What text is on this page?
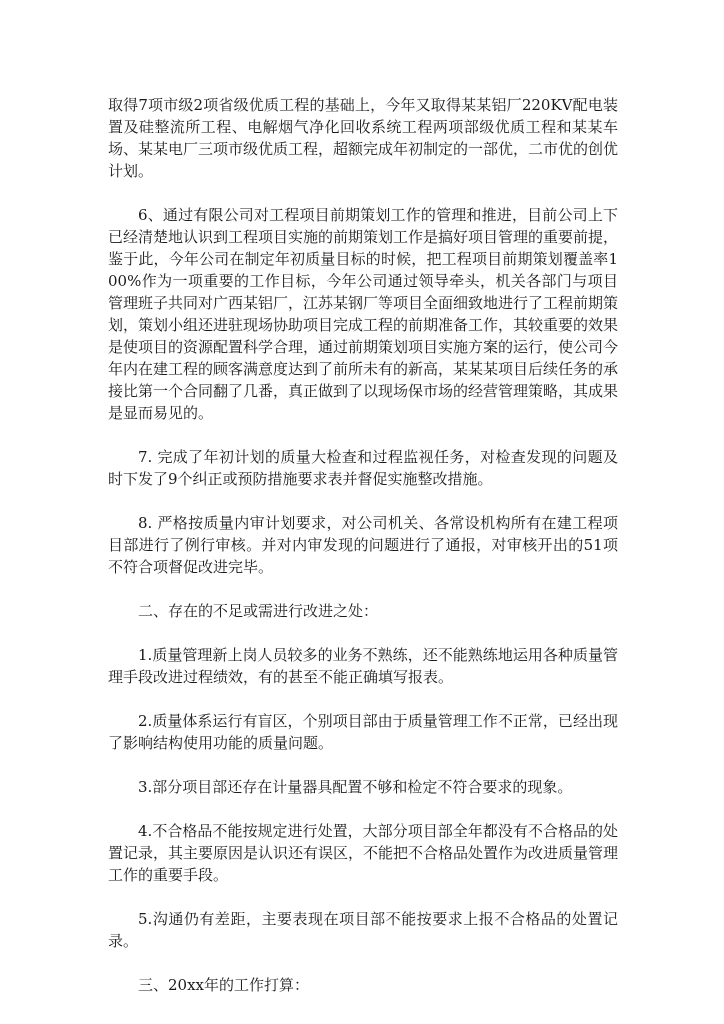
取得7项市级2项省级优质工程的基础上，今年又取得某某铝厂220KV配电装置及硅整流所工程、电解烟气净化回收系统工程两项部级优质工程和某某车场、某某电厂三项市级优质工程，超额完成年初制定的一部优，二市优的创优计划。

6、通过有限公司对工程项目前期策划工作的管理和推进，目前公司上下已经清楚地认识到工程项目实施的前期策划工作是搞好项目管理的重要前提，鉴于此，今年公司在制定年初质量目标的时候，把工程项目前期策划覆盖率100%作为一项重要的工作目标，今年公司通过领导牵头，机关各部门与项目管理班子共同对广西某铝厂，江苏某钢厂等项目全面细致地进行了工程前期策划，策划小组还进驻现场协助项目完成工程的前期准备工作，其较重要的效果是使项目的资源配置科学合理，通过前期策划项目实施方案的运行，使公司今年内在建工程的顾客满意度达到了前所未有的新高，某某某项目后续任务的承接比第一个合同翻了几番，真正做到了以现场保市场的经营管理策略，其成果是显而易见的。

7. 完成了年初计划的质量大检查和过程监视任务，对检查发现的问题及时下发了9个纠正或预防措施要求表并督促实施整改措施。

8. 严格按质量内审计划要求，对公司机关、各常设机构所有在建工程项目部进行了例行审核。并对内审发现的问题进行了通报，对审核开出的51项不符合项督促改进完毕。

二、存在的不足或需进行改进之处：

1.质量管理新上岗人员较多的业务不熟练，还不能熟练地运用各种质量管理手段改进过程绩效，有的甚至不能正确填写报表。

2.质量体系运行有盲区，个别项目部由于质量管理工作不正常，已经出现了影响结构使用功能的质量问题。

3.部分项目部还存在计量器具配置不够和检定不符合要求的现象。

4.不合格品不能按规定进行处置，大部分项目部全年都没有不合格品的处置记录，其主要原因是认识还有误区，不能把不合格品处置作为改进质量管理工作的重要手段。

5.沟通仍有差距，主要表现在项目部不能按要求上报不合格品的处置记录。

三、20xx年的工作打算：
